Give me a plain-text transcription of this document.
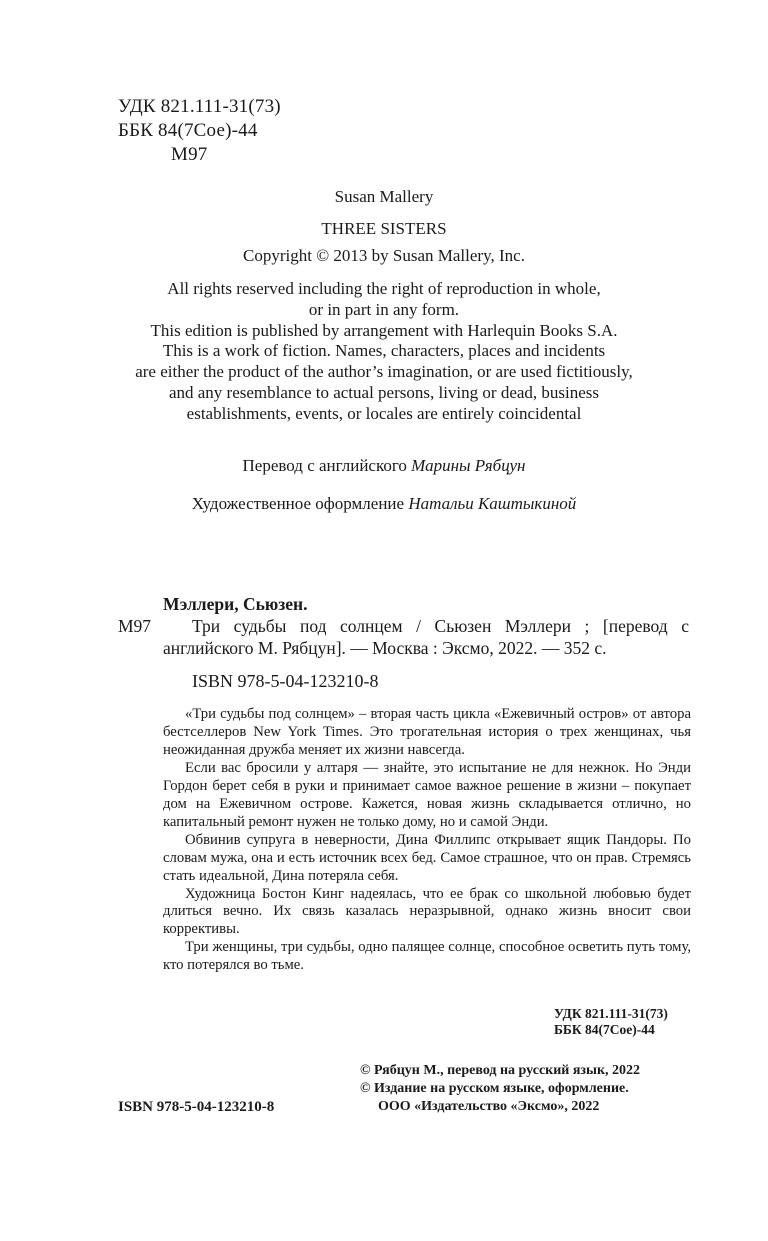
УДК 821.111-31(73)
ББК 84(7Сое)-44
М97
Susan Mallery
THREE SISTERS
Copyright © 2013 by Susan Mallery, Inc.
All rights reserved including the right of reproduction in whole,
or in part in any form.
This edition is published by arrangement with Harlequin Books S.A.
This is a work of fiction. Names, characters, places and incidents
are either the product of the author’s imagination, or are used fictitiously,
and any resemblance to actual persons, living or dead, business
establishments, events, or locales are entirely coincidental
Перевод с английского Марины Рябцун
Художественное оформление Натальи Каштыкиной
Мэллери, Сьюзен.
М97 Три судьбы под солнцем / Сьюзен Мэллери ; [перевод с
английского М. Рябцун]. — Москва : Эксмо, 2022. — 352 с.
ISBN 978-5-04-123210-8

«Три судьбы под солнцем» – вторая часть цикла «Ежевичный остров» от автора бестселлеров New York Times. Это трогательная история о трех женщинах, чья неожиданная дружба меняет их жизни навсегда.

Если вас бросили у алтаря — знайте, это испытание не для нежнок. Но Энди Гордон берет себя в руки и принимает самое важное решение в жизни – покупает дом на Ежевичном острове. Кажется, новая жизнь складывается отлично, но капитальный ремонт нужен не только дому, но и самой Энди.

Обвинив супруга в неверности, Дина Филлипс открывает ящик Пандоры. По словам мужа, она и есть источник всех бед. Самое страшное, что он прав. Стремясь стать идеальной, Дина потеряла себя.

Художница Бостон Кинг надеялась, что ее брак со школьной любовью будет длиться вечно. Их связь казалась неразрывной, однако жизнь вносит свои коррективы.

Три женщины, три судьбы, одно палящее солнце, способное осветить путь тому, кто потерялся во тьме.

УДК 821.111-31(73)
ББК 84(7Сое)-44
© Рябцун М., перевод на русский язык, 2022
© Издание на русском языке, оформление.
ООО «Издательство «Эксмо», 2022
ISBN 978-5-04-123210-8
